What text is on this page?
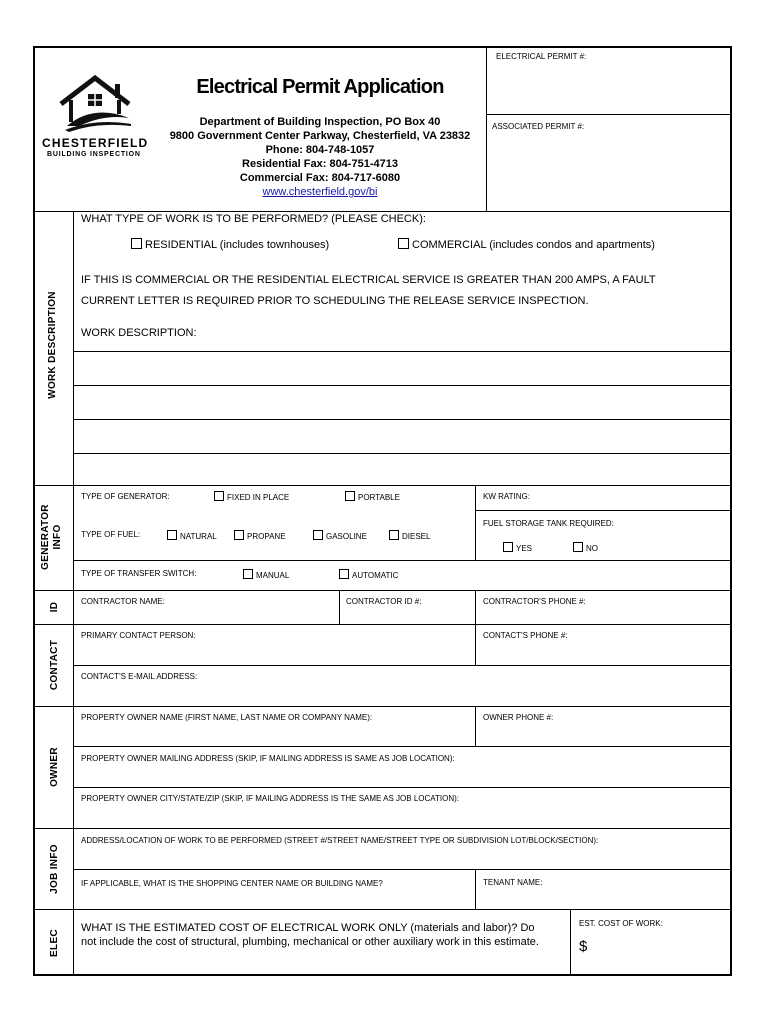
CHESTERFIELD
BUILDING INSPECTION
Electrical Permit Application
Department of Building Inspection, PO Box 40
9800 Government Center Parkway, Chesterfield, VA 23832
Phone: 804-748-1057
Residential Fax: 804-751-4713
Commercial Fax: 804-717-6080
www.chesterfield.gov/bi
ELECTRICAL PERMIT #:
ASSOCIATED PERMIT #:
WORK DESCRIPTION
WHAT TYPE OF WORK IS TO BE PERFORMED? (PLEASE CHECK):
RESIDENTIAL (includes townhouses)	COMMERCIAL (includes condos and apartments)
IF THIS IS COMMERCIAL OR THE RESIDENTIAL ELECTRICAL SERVICE IS GREATER THAN 200 AMPS, A FAULT
CURRENT LETTER IS REQUIRED PRIOR TO SCHEDULING THE RELEASE SERVICE INSPECTION.
WORK DESCRIPTION:
GENERATOR INFO
TYPE OF GENERATOR:	FIXED IN PLACE	PORTABLE	KW RATING:
TYPE OF FUEL:	NATURAL	PROPANE	GASOLINE	DIESEL
FUEL STORAGE TANK REQUIRED:
YES	NO
TYPE OF TRANSFER SWITCH:	MANUAL	AUTOMATIC
ID
CONTRACTOR NAME:	CONTRACTOR ID #:	CONTRACTOR'S PHONE #:
CONTACT
PRIMARY CONTACT PERSON:	CONTACT'S PHONE #:
CONTACT'S E-MAIL ADDRESS:
OWNER
PROPERTY OWNER NAME (FIRST NAME, LAST NAME OR COMPANY NAME):	OWNER PHONE #:
PROPERTY OWNER MAILING ADDRESS (SKIP, IF MAILING ADDRESS IS SAME AS JOB LOCATION):
PROPERTY OWNER CITY/STATE/ZIP (SKIP, IF MAILING ADDRESS IS THE SAME AS JOB LOCATION):
JOB INFO
ADDRESS/LOCATION OF WORK TO BE PERFORMED (STREET #/STREET NAME/STREET TYPE OR SUBDIVISION LOT/BLOCK/SECTION):
IF APPLICABLE, WHAT IS THE SHOPPING CENTER NAME OR BUILDING NAME?	TENANT NAME:
ELEC
WHAT IS THE ESTIMATED COST OF ELECTRICAL WORK ONLY (materials and labor)? Do
not include the cost of structural, plumbing, mechanical or other auxiliary work in this estimate.
EST. COST OF WORK:
$
